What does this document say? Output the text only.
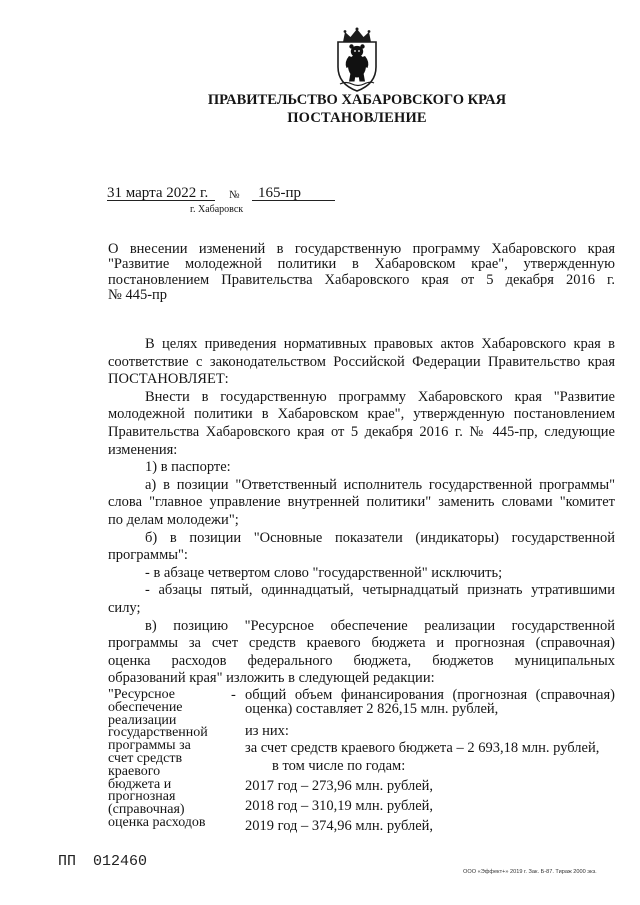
ПРАВИТЕЛЬСТВО ХАБАРОВСКОГО КРАЯ
ПОСТАНОВЛЕНИЕ
31 марта 2022 г. № 165-пр
г. Хабаровск
О внесении изменений в государственную программу Хабаровского края
"Развитие молодежной политики в Хабаровском крае", утвержденную
постановлением Правительства Хабаровского края от 5 декабря 2016 г.
№ 445-пр
В целях приведения нормативных правовых актов Хабаровского края в
соответствие с законодательством Российской Федерации Правительство края
ПОСТАНОВЛЯЕТ:
Внести в государственную программу Хабаровского края "Развитие
молодежной политики в Хабаровском крае", утвержденную постановлением
Правительства Хабаровского края от 5 декабря 2016 г. № 445-пр, следующие
изменения:
1) в паспорте:
а) в позиции "Ответственный исполнитель государственной программы"
слова "главное управление внутренней политики" заменить словами "комитет
по делам молодежи";
б) в позиции "Основные показатели (индикаторы) государственной
программы":
- в абзаце четвертом слово "государственной" исключить;
- абзацы пятый, одиннадцатый, четырнадцатый признать утратившими
силу;
в) позицию "Ресурсное обеспечение реализации государственной
программы за счет средств краевого бюджета и прогнозная (справочная)
оценка расходов федерального бюджета, бюджетов муниципальных
образований края" изложить в следующей редакции:
"Ресурсное
обеспечение
реализации
государственной
программы за
счет средств
краевого
бюджета и
прогнозная
(справочная)
оценка расходов
- общий объем финансирования (прогнозная (справочная)
оценка) составляет 2 826,15 млн. рублей,
из них:
за счет средств краевого бюджета – 2 693,18 млн. рублей,
в том числе по годам:
2017 год – 273,96 млн. рублей,
2018 год – 310,19 млн. рублей,
2019 год – 374,96 млн. рублей,
ПП 012460
ООО «Эффект+» 2019 г. Зак. Б-87. Тираж 2000 экз.
